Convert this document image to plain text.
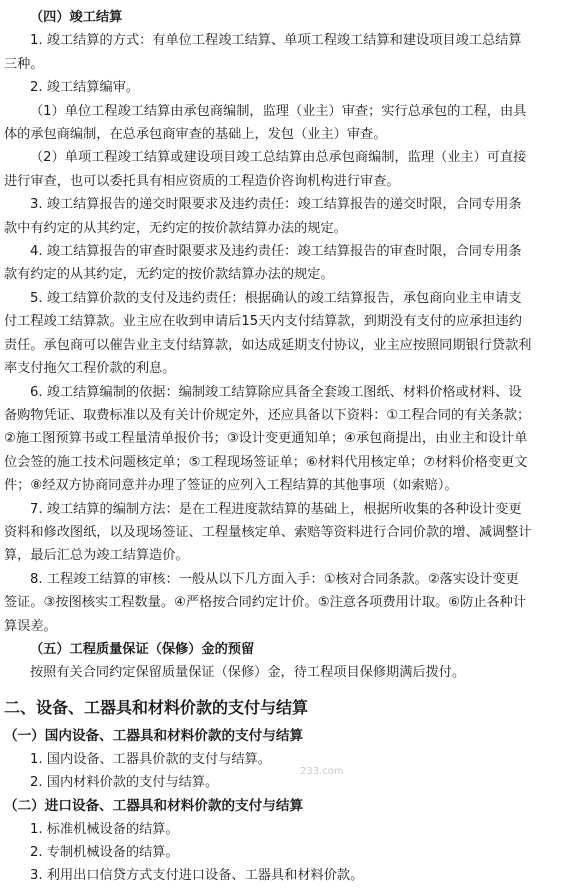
（四）竣工结算
1. 竣工结算的方式：有单位工程竣工结算、单项工程竣工结算和建设项目竣工总结算
三种。
2. 竣工结算编审。
（1）单位工程竣工结算由承包商编制，监理（业主）审查；实行总承包的工程，由具
体的承包商编制，在总承包商审查的基础上，发包（业主）审查。
（2）单项工程竣工结算或建设项目竣工总结算由总承包商编制，监理（业主）可直接
进行审查，也可以委托具有相应资质的工程造价咨询机构进行审查。
3. 竣工结算报告的递交时限要求及违约责任：竣工结算报告的递交时限，合同专用条
款中有约定的从其约定，无约定的按价款结算办法的规定。
4. 竣工结算报告的审查时限要求及违约责任：竣工结算报告的审查时限，合同专用条
款有约定的从其约定，无约定的按价款结算办法的规定。
5. 竣工结算价款的支付及违约责任：根据确认的竣工结算报告，承包商向业主申请支
付工程竣工结算款。业主应在收到申请后15天内支付结算款，到期没有支付的应承担违约
责任。承包商可以催告业主支付结算款，如达成延期支付协议，业主应按照同期银行贷款利
率支付拖欠工程价款的利息。
6. 竣工结算编制的依据：编制竣工结算除应具备全套竣工图纸、材料价格或材料、设
备购物凭证、取费标准以及有关计价规定外，还应具备以下资料：①工程合同的有关条款；
②施工图预算书或工程量清单报价书；③设计变更通知单；④承包商提出，由业主和设计单
位会签的施工技术问题核定单；⑤工程现场签证单；⑥材料代用核定单；⑦材料价格变更文
件；⑧经双方协商同意并办理了签证的应列入工程结算的其他事项（如索赔）。
7. 竣工结算的编制方法：是在工程进度款结算的基础上，根据所收集的各种设计变更
资料和修改图纸，以及现场签证、工程量核定单、索赔等资料进行合同价款的增、减调整计
算，最后汇总为竣工结算造价。
8. 工程竣工结算的审核：一般从以下几方面入手：①核对合同条款。②落实设计变更
签证。③按图核实工程数量。④严格按合同约定计价。⑤注意各项费用计取。⑥防止各种计
算误差。
（五）工程质量保证（保修）金的预留
按照有关合同约定保留质量保证（保修）金，待工程项目保修期满后拨付。
二、设备、工器具和材料价款的支付与结算
（一）国内设备、工器具和材料价款的支付与结算
1. 国内设备、工器具价款的支付与结算。
2. 国内材料价款的支付与结算。
（二）进口设备、工器具和材料价款的支付与结算
1. 标准机械设备的结算。
2. 专制机械设备的结算。
3. 利用出口信贷方式支付进口设备、工器具和材料价款。
233.com
